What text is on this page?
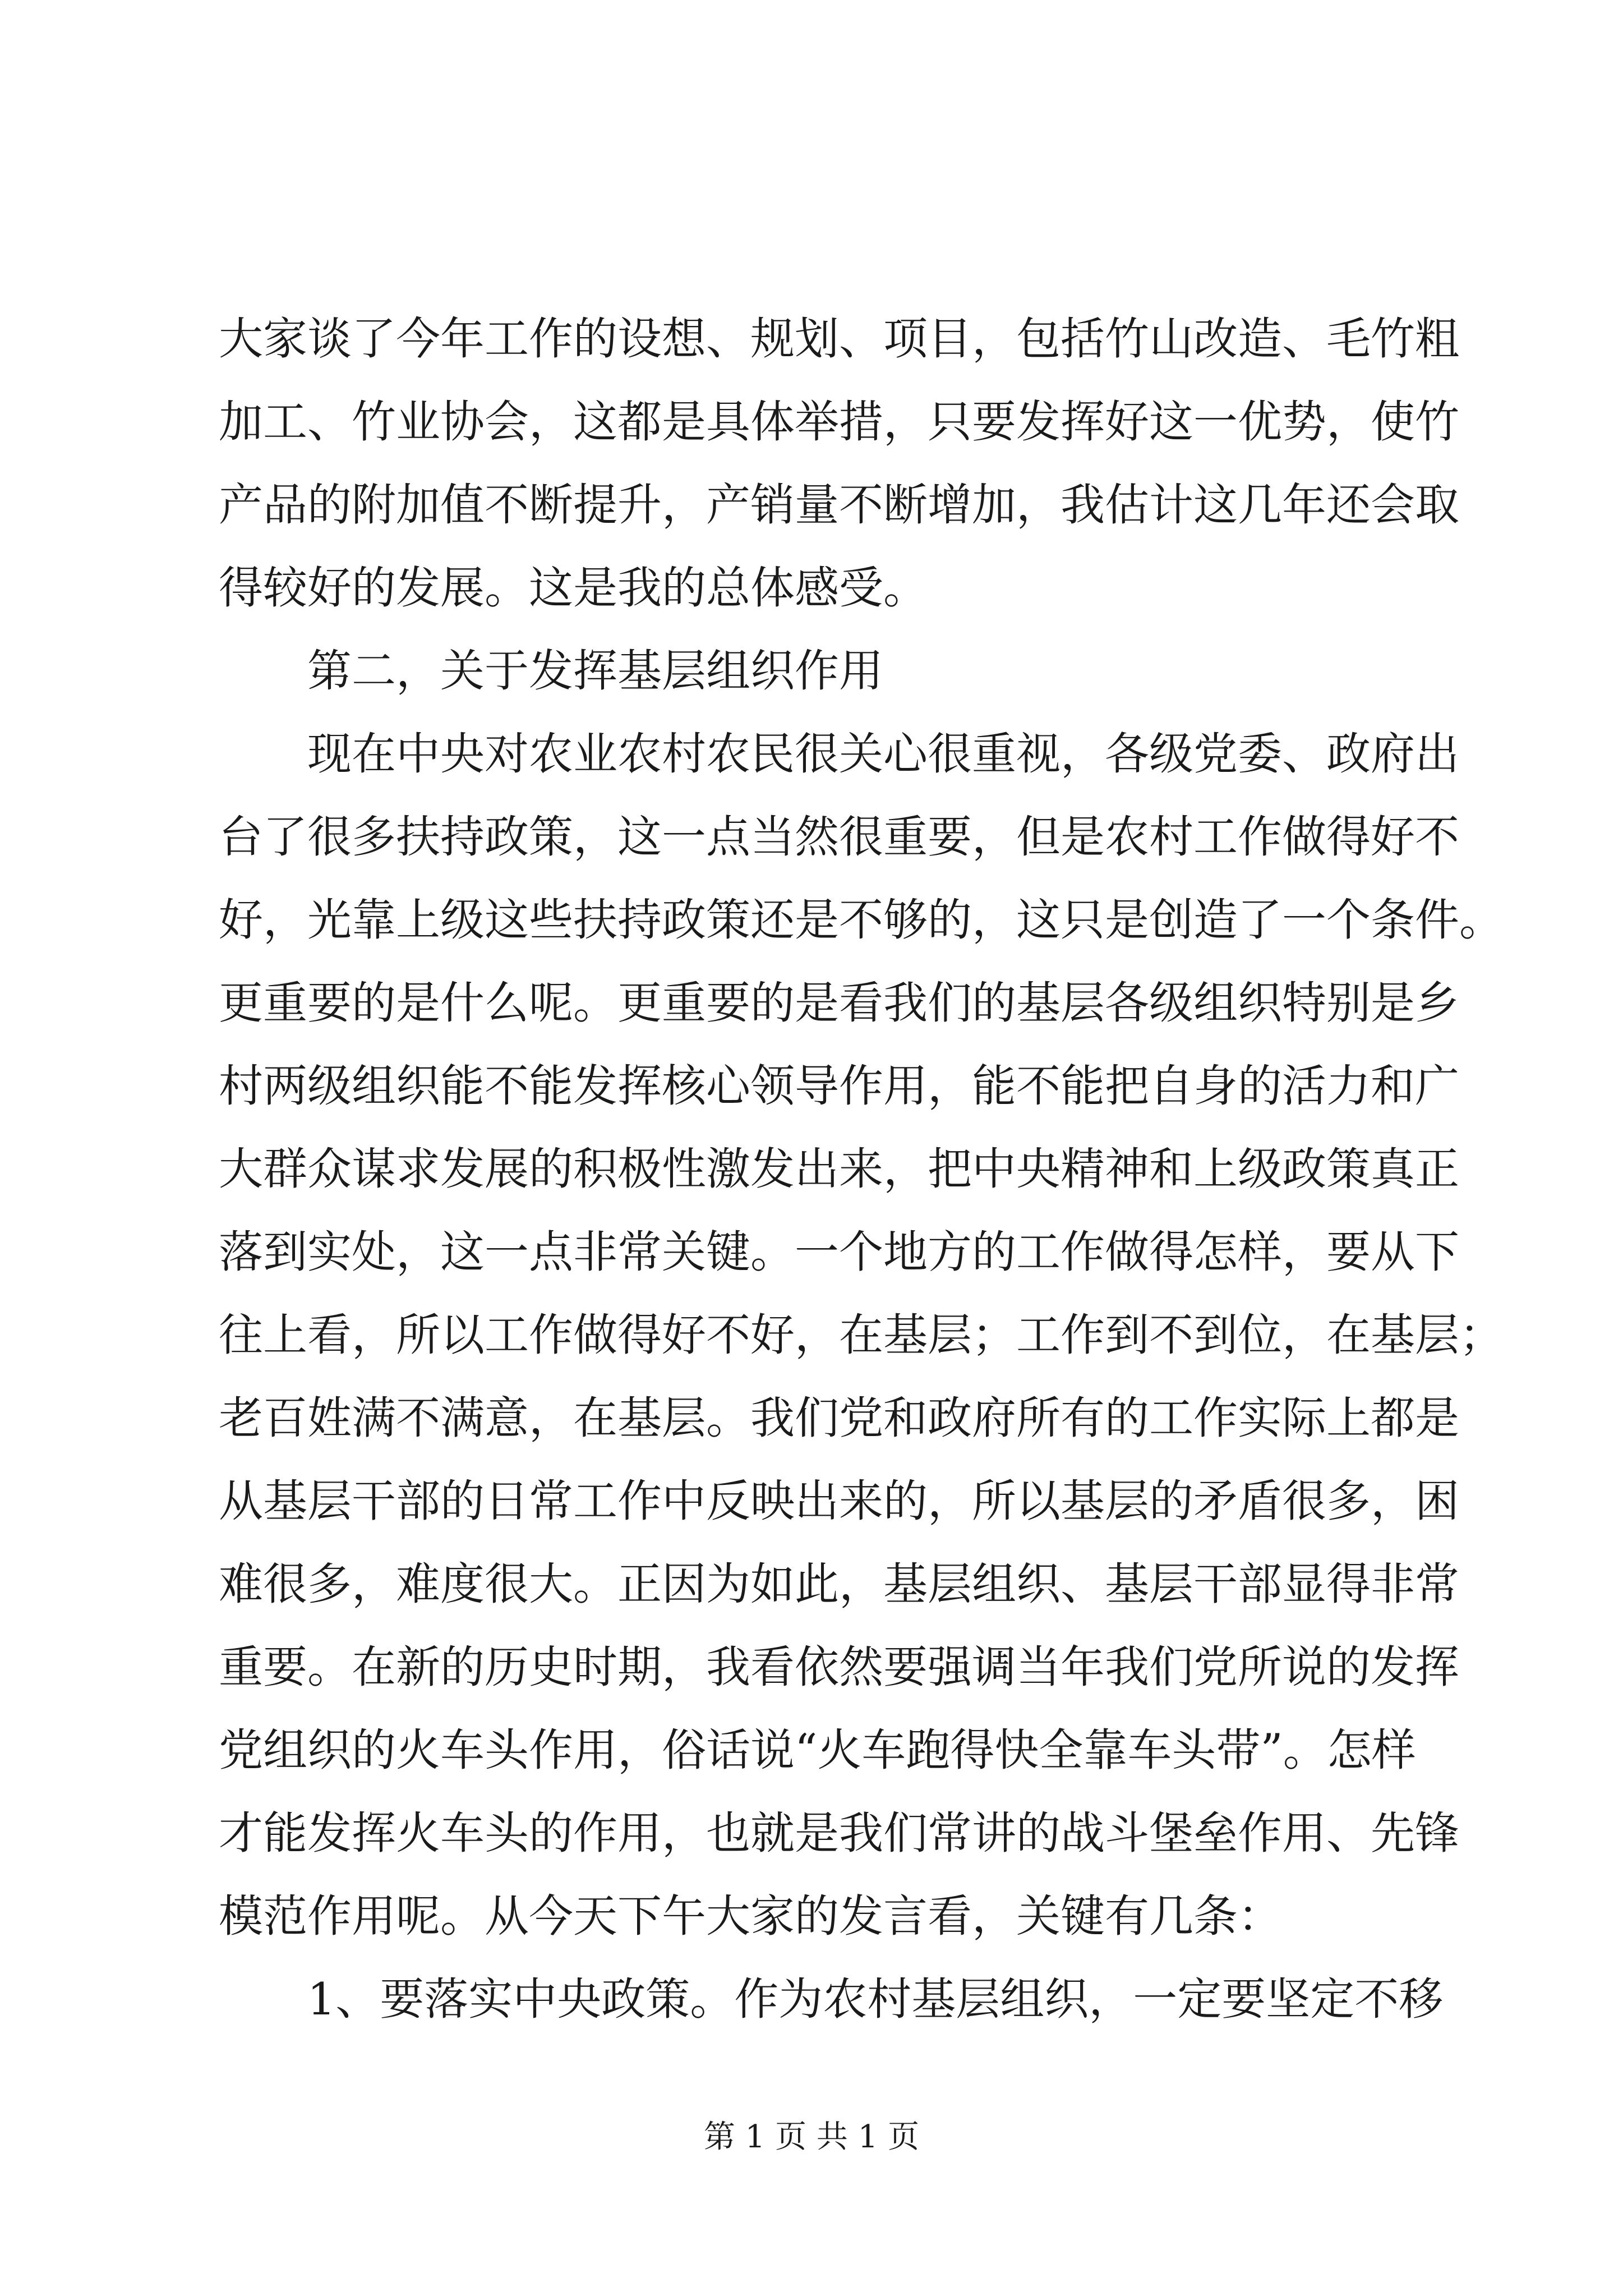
大家谈了今年工作的设想、规划、项目，包括竹山改造、毛竹粗
加工、竹业协会，这都是具体举措，只要发挥好这一优势，使竹
产品的附加值不断提升，产销量不断增加，我估计这几年还会取
得较好的发展。这是我的总体感受。
第二，关于发挥基层组织作用
现在中央对农业农村农民很关心很重视，各级党委、政府出
台了很多扶持政策，这一点当然很重要，但是农村工作做得好不
好，光靠上级这些扶持政策还是不够的，这只是创造了一个条件。
更重要的是什么呢。更重要的是看我们的基层各级组织特别是乡
村两级组织能不能发挥核心领导作用，能不能把自身的活力和广
大群众谋求发展的积极性激发出来，把中央精神和上级政策真正
落到实处，这一点非常关键。一个地方的工作做得怎样，要从下
往上看，所以工作做得好不好，在基层；工作到不到位，在基层；
老百姓满不满意，在基层。我们党和政府所有的工作实际上都是
从基层干部的日常工作中反映出来的，所以基层的矛盾很多，困
难很多，难度很大。正因为如此，基层组织、基层干部显得非常
重要。在新的历史时期，我看依然要强调当年我们党所说的发挥
党组织的火车头作用，俗话说“火车跑得快全靠车头带”。怎样
才能发挥火车头的作用，也就是我们常讲的战斗堡垒作用、先锋
模范作用呢。从今天下午大家的发言看，关键有几条：
1、要落实中央政策。作为农村基层组织，一定要坚定不移
第 1 页 共 1 页
